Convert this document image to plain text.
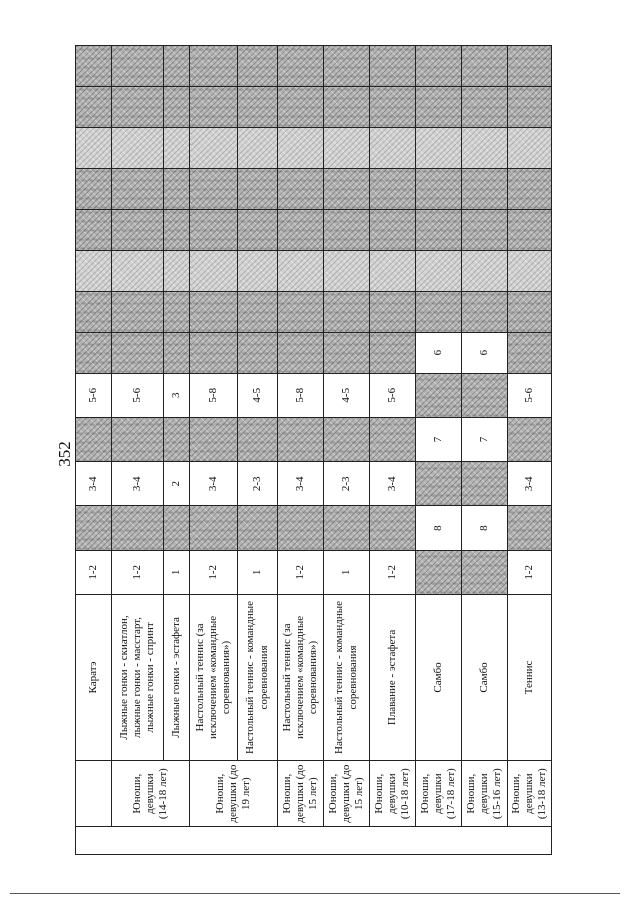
352
		Каратэ	1-2		3-4		5-6								
	Юноши, девушки (14-18 лет)	Лыжные гонки - скиатлон, лыжные гонки - масстарт, лыжные гонки - спринт	1-2		3-4		5-6								
		Лыжные гонки - эстафета	1		2		3								
	Юноши, девушки (до 19 лет)	Настольный теннис (за исключением «командные соревнования»)	1-2		3-4		5-8								
		Настольный теннис - командные соревнования	1		2-3		4-5								
	Юноши, девушки (до 15 лет)	Настольный теннис (за исключением «командные соревнования»)	1-2		3-4		5-8								
	Юноши, девушки (до 15 лет)	Настольный теннис - командные соревнования	1		2-3		4-5								
	Юноши, девушки (10-18 лет)	Плавание - эстафета	1-2		3-4		5-6								
	Юноши, девушки (17-18 лет)	Самбо		8		7		6							
	Юноши, девушки (15-16 лет)	Самбо		8		7		6							
	Юноши, девушки (13-18 лет)	Теннис	1-2		3-4		5-6								
